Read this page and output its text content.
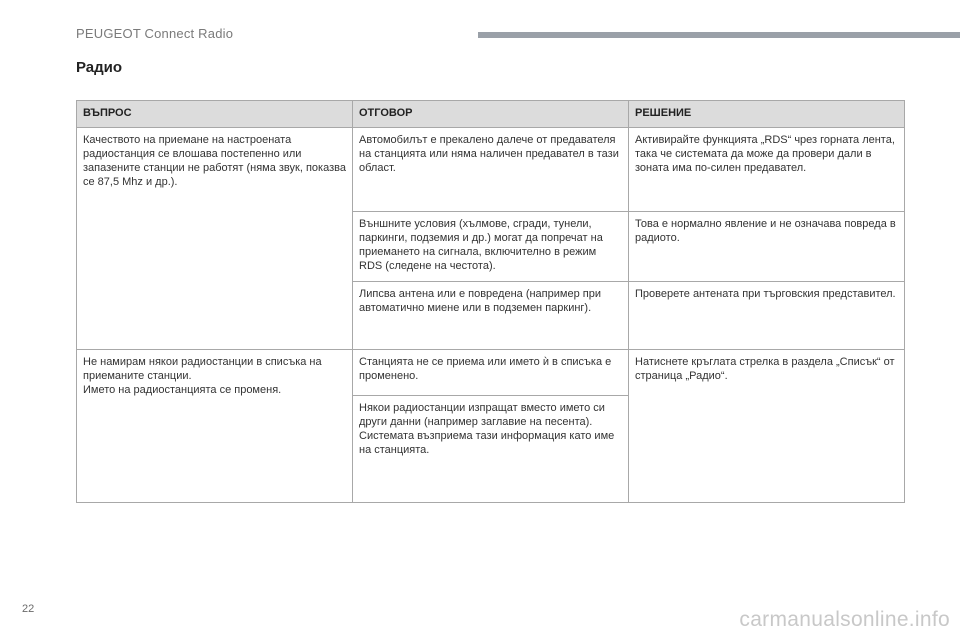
PEUGEOT Connect Radio
Радио
ВЪПРОС	ОТГОВОР	РЕШЕНИЕ
Качеството на приемане на настроената радиостанция се влошава постепенно или запазените станции не работят (няма звук, показва се 87,5 Mhz и др.).	Автомобилът е прекалено далече от предавателя на станцията или няма наличен предавател в тази област.	Активирайте функцията „RDS“ чрез горната лента, така че системата да може да провери дали в зоната има по-силен предавател.
	Външните условия (хълмове, сгради, тунели, паркинги, подземия и др.) могат да попречат на приемането на сигнала, включително в режим RDS (следене на честота).	Това е нормално явление и не означава повреда в радиото.
	Липсва антена или е повредена (например при автоматично миене или в подземен паркинг).	Проверете антената при търговския представител.
Не намирам някои радиостанции в списъка на приеманите станции.
Името на радиостанцията се променя.	Станцията не се приема или името ѝ в списъка е променено.	Натиснете кръглата стрелка в раздела „Списък“ от страница „Радио“.
	Някои радиостанции изпращат вместо името си други данни (например заглавие на песента).
Системата възприема тази информация като име на станцията.	
22	carmanualsonline.info
